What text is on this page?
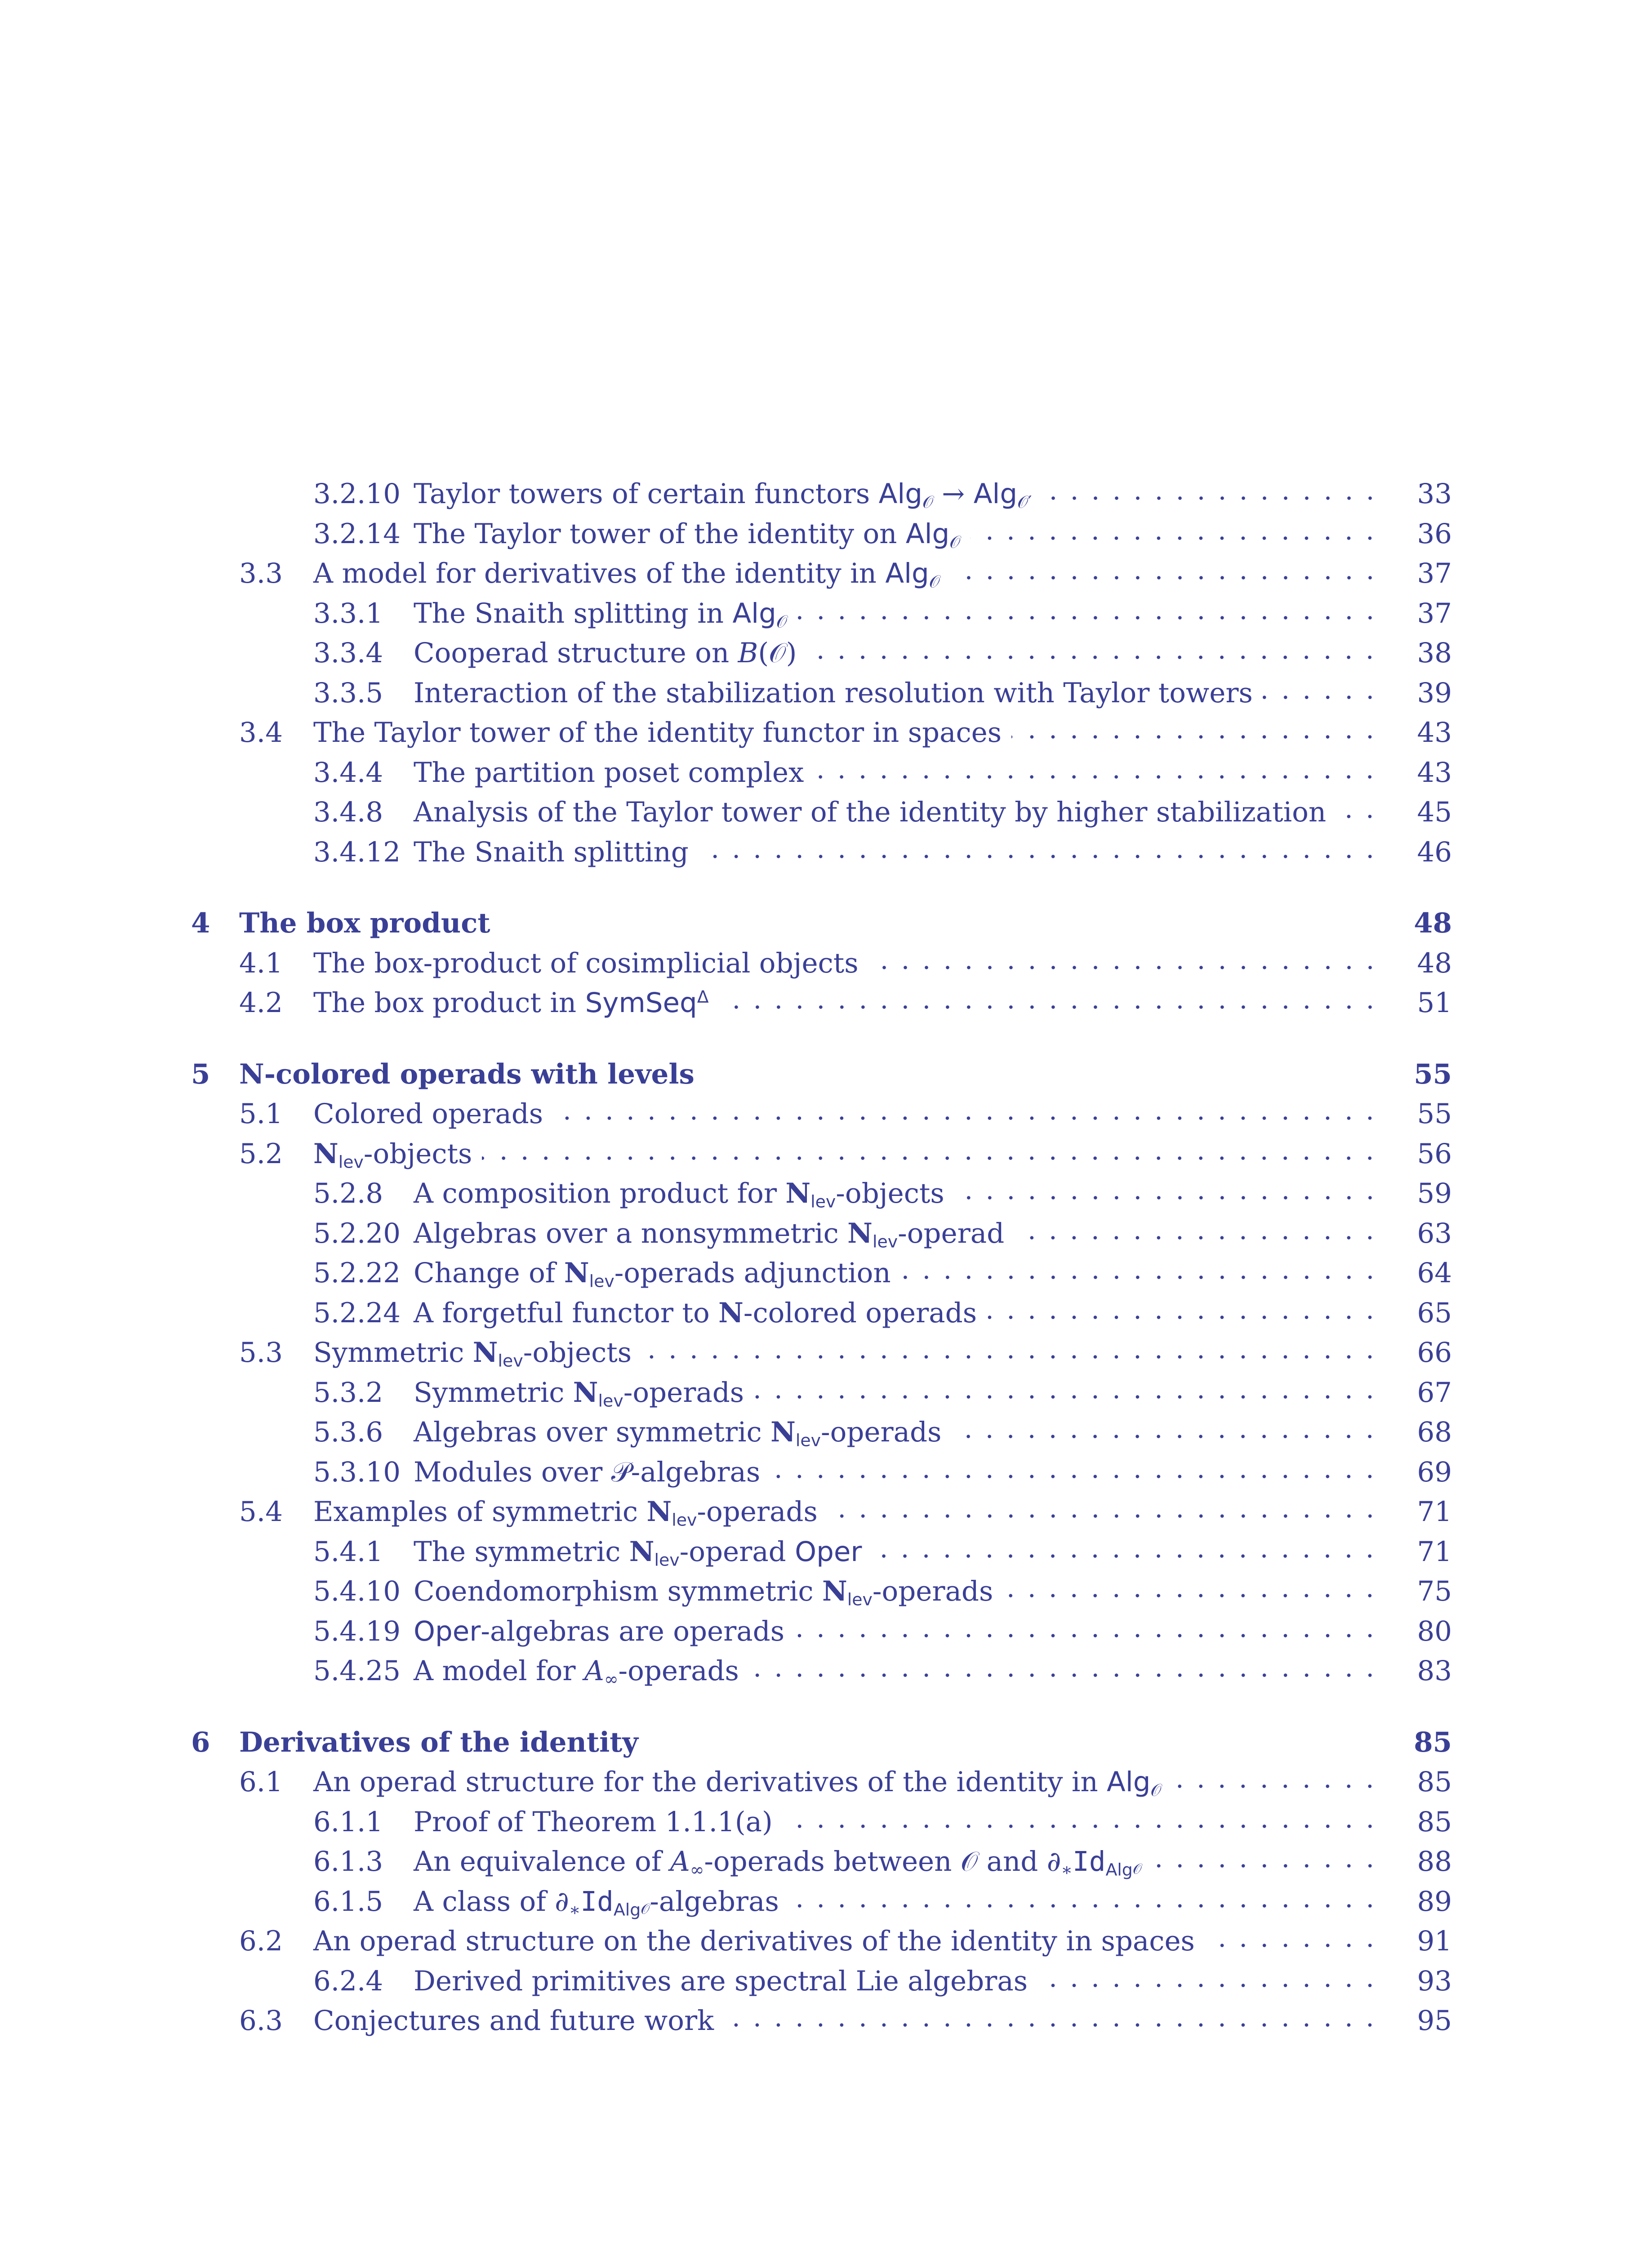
3.2.10 Taylor towers of certain functors Alg$_𝒪$ → Alg$_{𝒪'}$	33
3.2.14 The Taylor tower of the identity on Alg$_𝒪$	36
3.3 A model for derivatives of the identity in Alg$_𝒪$	37
3.3.1 The Snaith splitting in Alg$_𝒪$	37
3.3.4 Cooperad structure on B(𝒪)	38
3.3.5 Interaction of the stabilization resolution with Taylor towers	39
3.4 The Taylor tower of the identity functor in spaces	43
3.4.4 The partition poset complex	43
3.4.8 Analysis of the Taylor tower of the identity by higher stabilization	45
3.4.12 The Snaith splitting	46
4 The box product	48
4.1 The box-product of cosimplicial objects	48
4.2 The box product in SymSeq$^\Delta$	51
5 N-colored operads with levels	55
5.1 Colored operads	55
5.2 $N_{lev}$-objects	56
5.2.8 A composition product for $N_{lev}$-objects	59
5.2.20 Algebras over a nonsymmetric $N_{lev}$-operad	63
5.2.22 Change of $N_{lev}$-operads adjunction	64
5.2.24 A forgetful functor to N-colored operads	65
5.3 Symmetric $N_{lev}$-objects	66
5.3.2 Symmetric $N_{lev}$-operads	67
5.3.6 Algebras over symmetric $N_{lev}$-operads	68
5.3.10 Modules over 𝒫-algebras	69
5.4 Examples of symmetric $N_{lev}$-operads	71
5.4.1 The symmetric $N_{lev}$-operad Oper	71
5.4.10 Coendomorphism symmetric $N_{lev}$-operads	75
5.4.19 Oper-algebras are operads	80
5.4.25 A model for $A_\infty$-operads	83
6 Derivatives of the identity	85
6.1 An operad structure for the derivatives of the identity in Alg$_𝒪$	85
6.1.1 Proof of Theorem 1.1.1(a)	85
6.1.3 An equivalence of $A_\infty$-operads between 𝒪 and $\partial_∗Id_{Alg𝒪}$	88
6.1.5 A class of $\partial_∗Id_{Alg𝒪}$-algebras	89
6.2 An operad structure on the derivatives of the identity in spaces	91
6.2.4 Derived primitives are spectral Lie algebras	93
6.3 Conjectures and future work	95
